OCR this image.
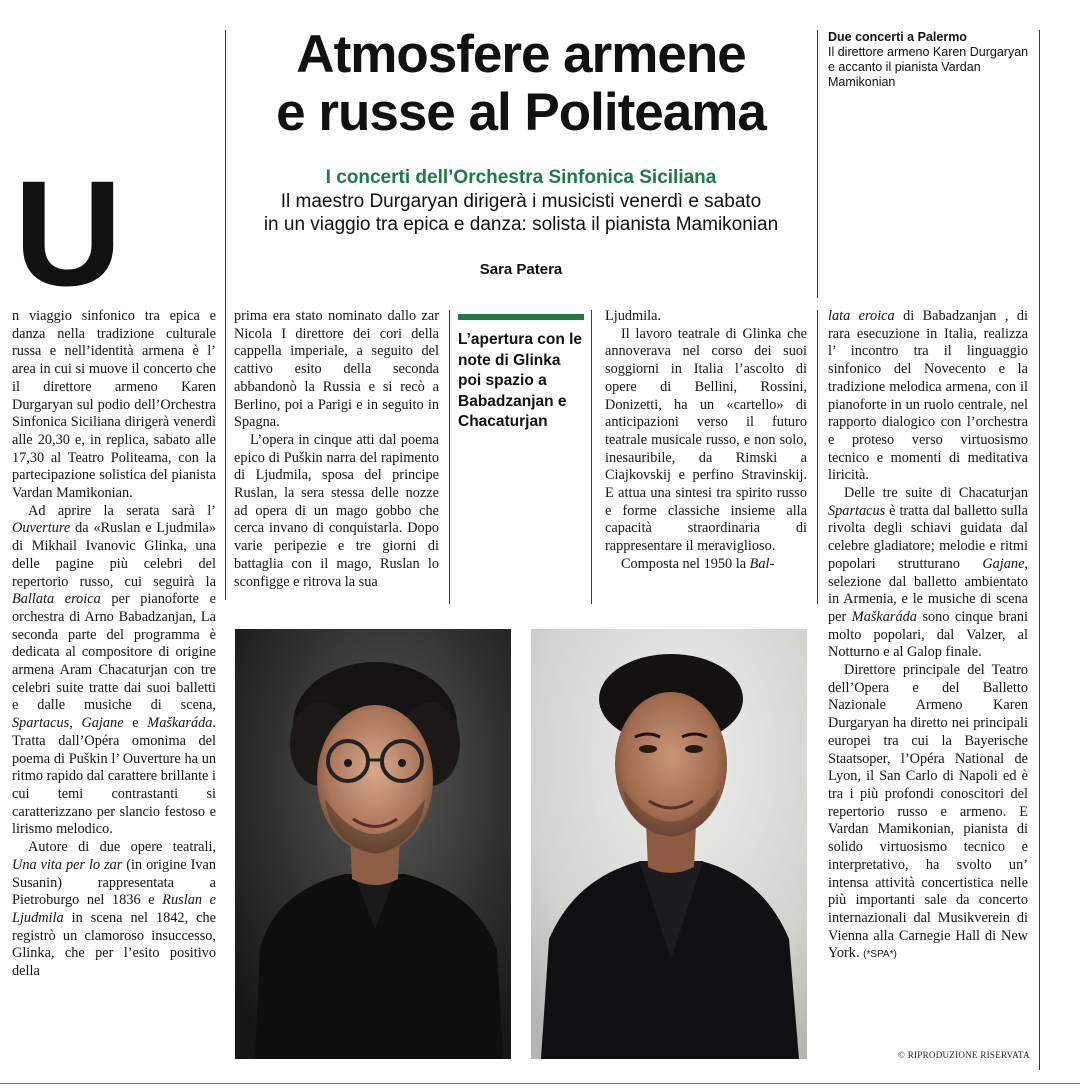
Atmosfere armene
e russe al Politeama
I concerti dell’Orchestra Sinfonica Siciliana
Il maestro Durgaryan dirigerà i musicisti venerdì e sabato
in un viaggio tra epica e danza: solista il pianista Mamikonian
Sara Patera
Due concerti a Palermo
Il direttore armeno Karen Durgaryan e accanto il pianista Vardan Mamikonian
U

n viaggio sinfonico tra epica e danza nella tradizione culturale russa e nell’identità armena è l’ area in cui si muove il concerto che il direttore armeno Karen Durgaryan sul podio dell’Orchestra Sinfonica Siciliana dirigerà venerdì alle 20,30 e, in replica, sabato alle 17,30 al Teatro Politeama, con la partecipazione solistica del pianista Vardan Mamikonian.

Ad aprire la serata sarà l’ Ouverture da «Ruslan e Ljudmila» di Mikhail Ivanovic Glinka, una delle pagine più celebri del repertorio russo, cui seguirà la Ballata eroica per pianoforte e orchestra di Arno Babadzanjan, La seconda parte del programma è dedicata al compositore di origine armena Aram Chacaturjan con tre celebri suite tratte dai suoi balletti e dalle musiche di scena, Spartacus, Gajane e Maškaráda. Tratta dall’Opéra omonima del poema di Puškin l’ Ouverture ha un ritmo rapido dal carattere brillante i cui temi contrastanti si caratterizzano per slancio festoso e lirismo melodico.

Autore di due opere teatrali, Una vita per lo zar (in origine Ivan Susanin) rappresentata a Pietroburgo nel 1836 e Ruslan e Ljudmila in scena nel 1842, che registrò un clamoroso insuccesso, Glinka, che per l’esito positivo della

prima era stato nominato dallo zar Nicola I direttore dei cori della cappella imperiale, a seguito del cattivo esito della seconda abbandonò la Russia e si recò a Berlino, poi a Parigi e in seguito in Spagna.

L’opera in cinque atti dal poema epico di Puškin narra del rapimento di Ljudmila, sposa del principe Ruslan, la sera stessa delle nozze ad opera di un mago gobbo che cerca invano di conquistarla. Dopo varie peripezie e tre giorni di battaglia con il mago, Ruslan lo sconfigge e ritrova la sua

L’apertura con le note di Glinka poi spazio a Babadzanjan e Chacaturjan

Ljudmila.

Il lavoro teatrale di Glinka che annoverava nel corso dei suoi soggiorni in Italia l’ascolto di opere di Bellini, Rossini, Donizetti, ha un «cartello» di anticipazioni verso il futuro teatrale musicale russo, e non solo, inesauribile, da Rimski a Ciajkovskij e perfino Stravinskij. E attua una sintesi tra spirito russo e forme classiche insieme alla capacità straordinaria di rappresentare il meraviglioso.

Composta nel 1950 la Bal-

lata eroica di Babadzanjan , di rara esecuzione in Italia, realizza l’ incontro tra il linguaggio sinfonico del Novecento e la tradizione melodica armena, con il pianoforte in un ruolo centrale, nel rapporto dialogico con l’orchestra e proteso verso virtuosismo tecnico e momenti di meditativa liricità.

Delle tre suite di Chacaturjan Spartacus è tratta dal balletto sulla rivolta degli schiavi guidata dal celebre gladiatore; melodie e ritmi popolari strutturano Gajane, selezione dal balletto ambientato in Armenia, e le musiche di scena per Maškaráda sono cinque brani molto popolari, dal Valzer, al Notturno e al Galop finale.

Direttore principale del Teatro dell’Opera e del Balletto Nazionale Armeno Karen Durgaryan ha diretto nei principali europei tra cui la Bayerische Staatsoper, l’Opéra National de Lyon, il San Carlo di Napoli ed è tra i più profondi conoscitori del repertorio russo e armeno. E Vardan Mamikonian, pianista di solido virtuosismo tecnico e interpretativo, ha svolto un’ intensa attività concertistica nelle più importanti sale da concerto internazionali dal Musikverein di Vienna alla Carnegie Hall di New York. (*SPA*)

© RIPRODUZIONE RISERVATA
